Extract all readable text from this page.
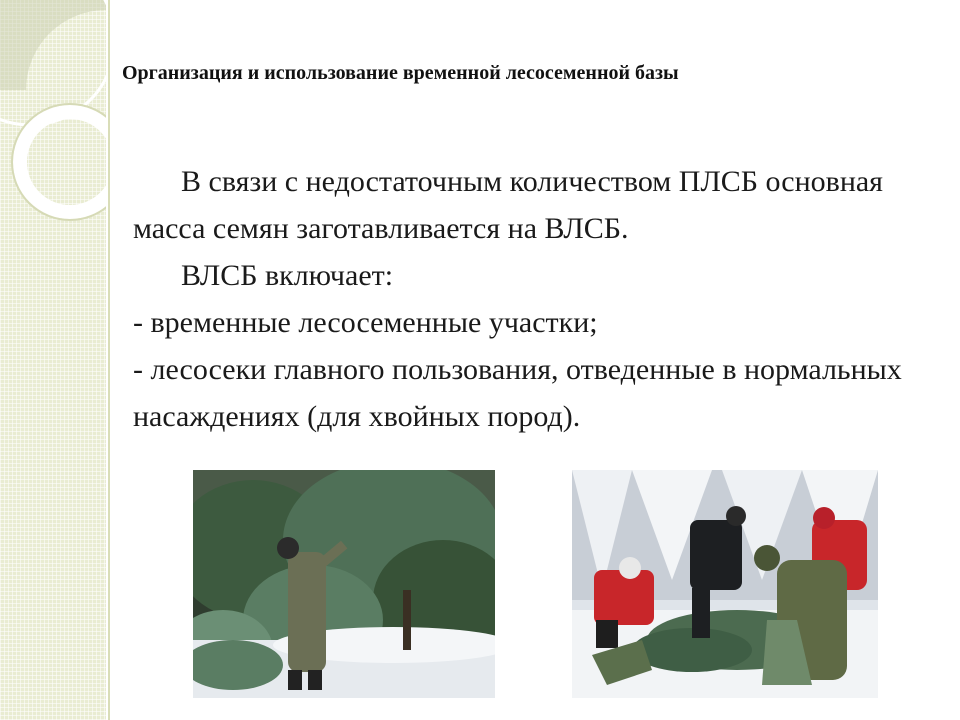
Организация и использование временной лесосеменной базы

В связи с недостаточным количеством ПЛСБ основная масса семян заготавливается на ВЛСБ.

ВЛСБ включает:

- временные лесосеменные участки;

- лесосеки главного пользования, отведенные в нормальных насаждениях (для хвойных пород).
